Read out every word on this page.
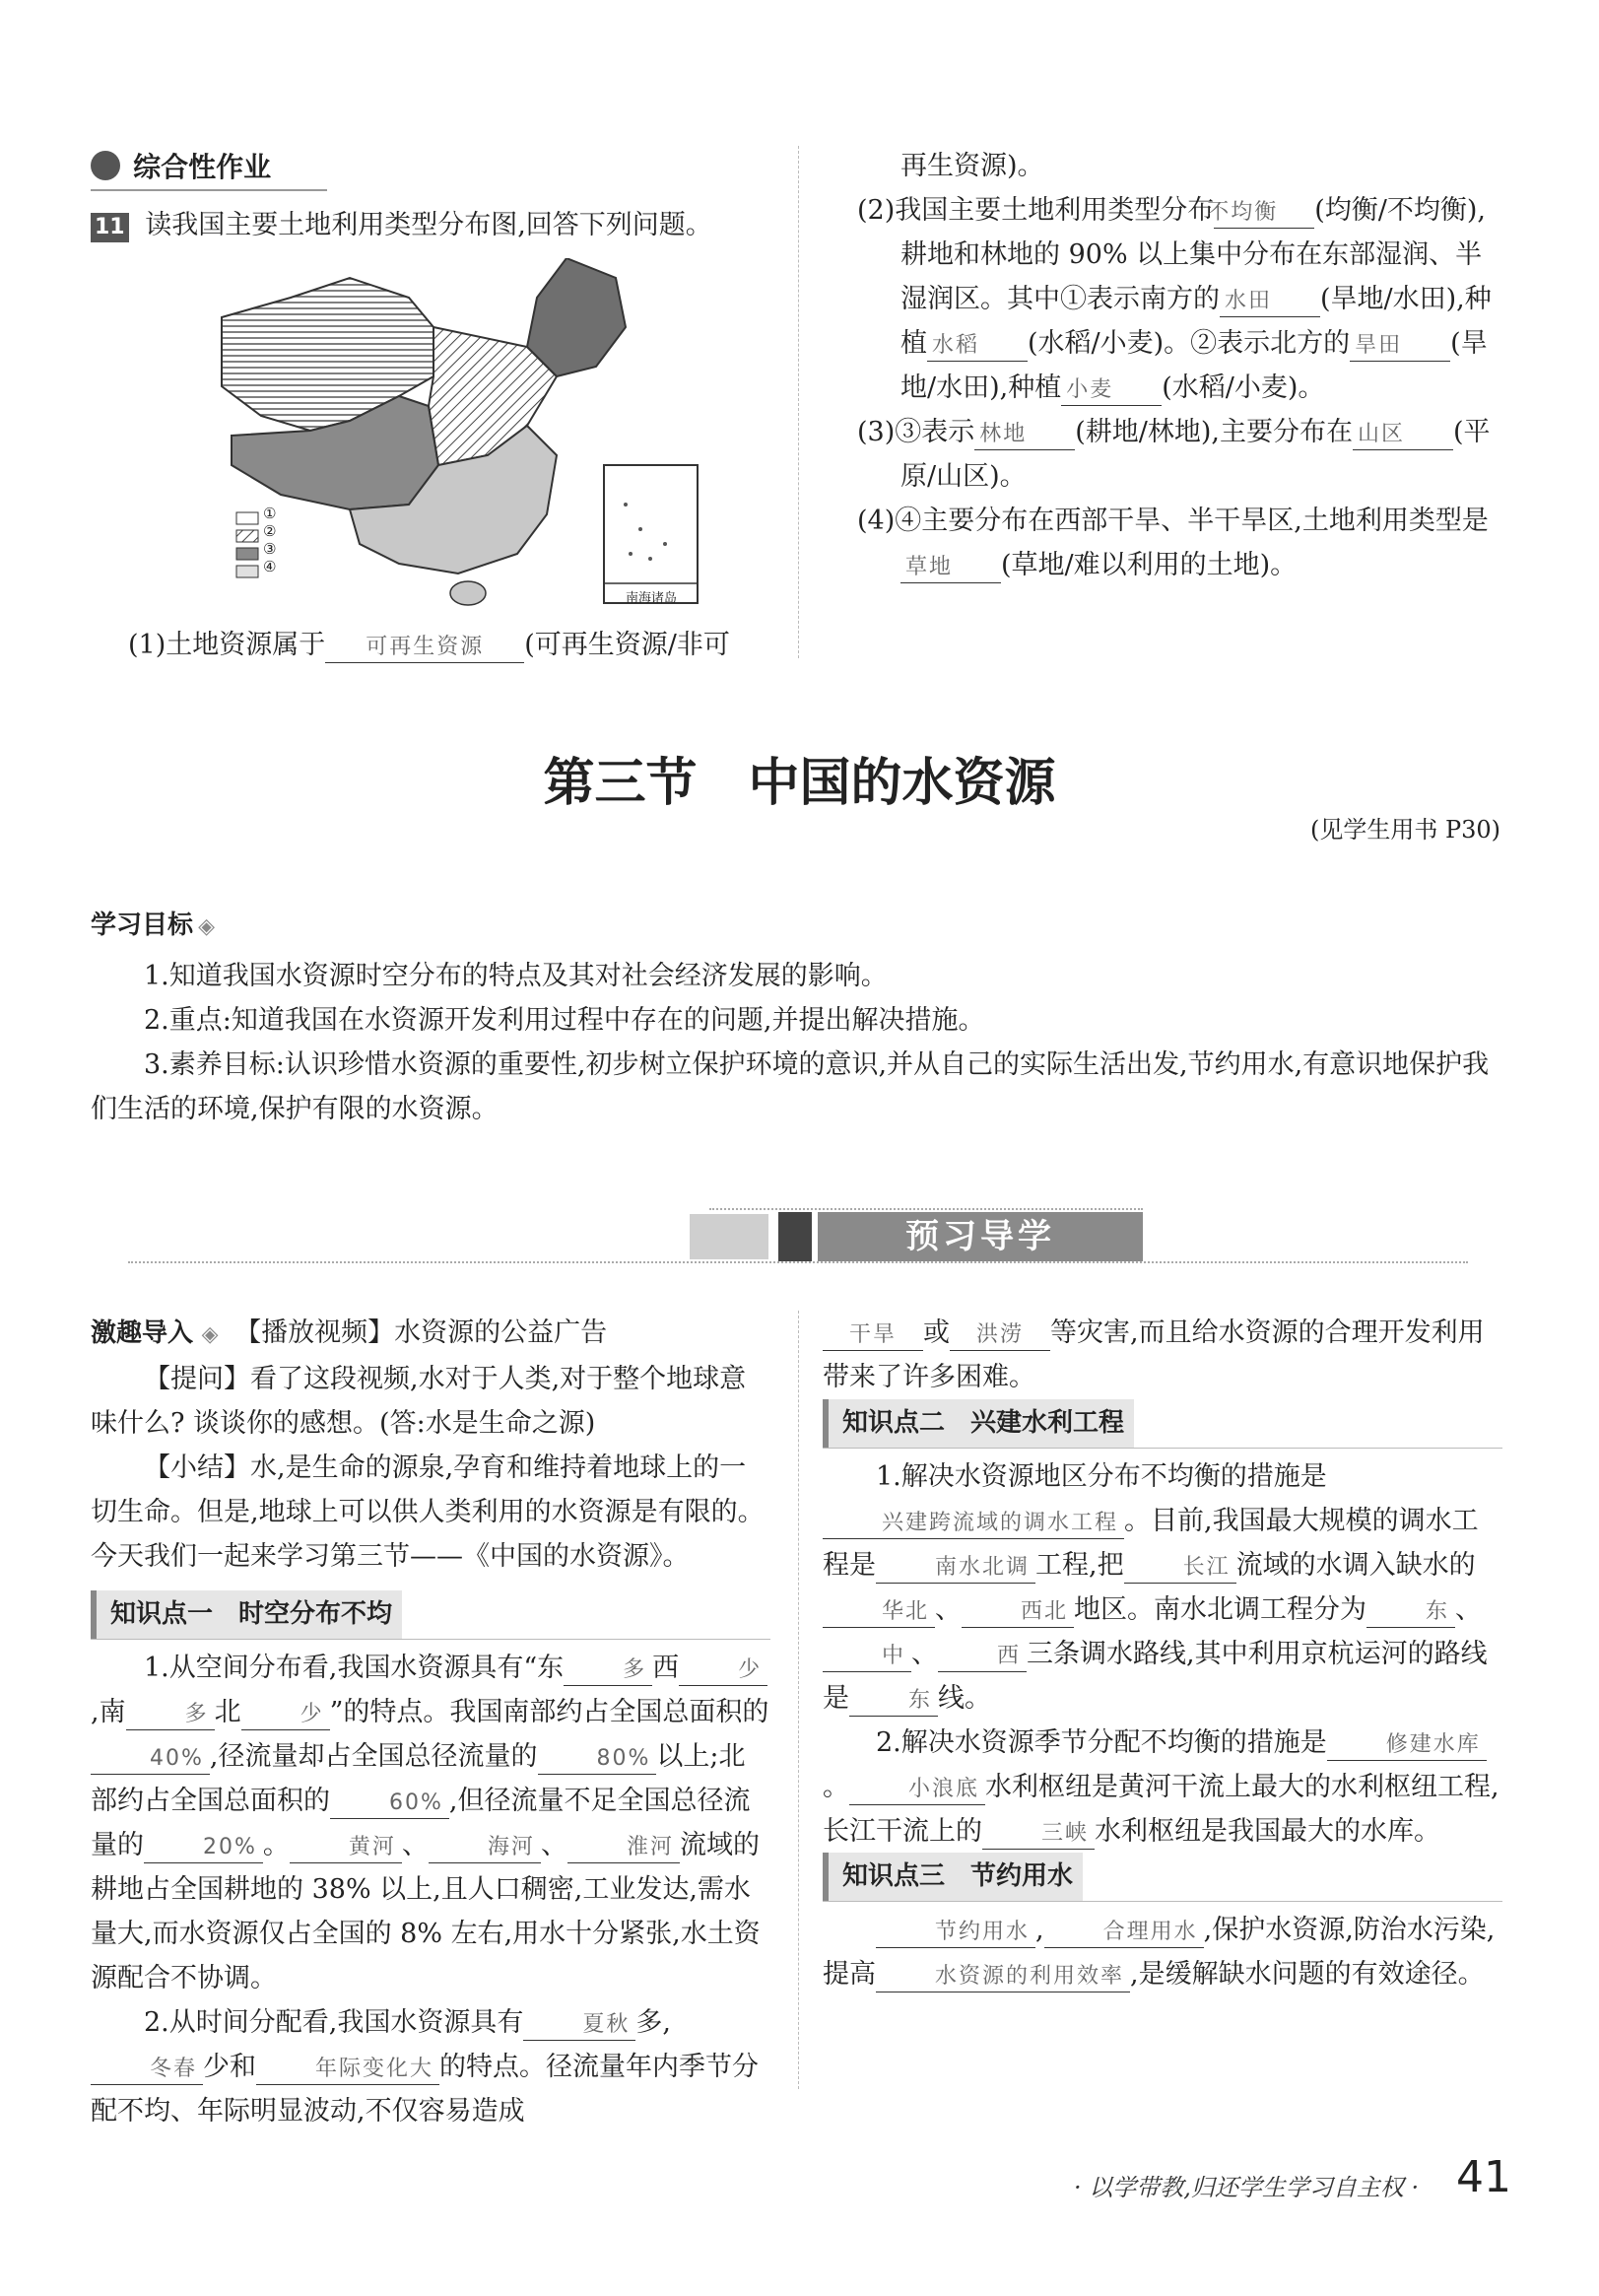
综合性作业
11 读我国主要土地利用类型分布图,回答下列问题。
①
②
③
④
南海诸岛
(1)土地资源属于 可再生资源 (可再生资源/非可
再生资源)。
(2)我国主要土地利用类型分布不均衡 (均衡/不均衡),耕地和林地的 90% 以上集中分布在东部湿润、半湿润区。其中①表示南方的 水田 (旱地/水田),种植 水稻 (水稻/小麦)。②表示北方的 旱田 (旱地/水田),种植 小麦 (水稻/小麦)。
(3)③表示 林地 (耕地/林地),主要分布在 山区 (平原/山区)。
(4)④主要分布在西部干旱、半干旱区,土地利用类型是草地 (草地/难以利用的土地)。
第三节　中国的水资源
(见学生用书 P30)
学习目标 ◈
1.知道我国水资源时空分布的特点及其对社会经济发展的影响。
2.重点:知道我国在水资源开发利用过程中存在的问题,并提出解决措施。
3.素养目标:认识珍惜水资源的重要性,初步树立保护环境的意识,并从自己的实际生活出发,节约用水,有意识地保护我们生活的环境,保护有限的水资源。
预习导学
激趣导入 ◈ 【播放视频】水资源的公益广告
【提问】看了这段视频,水对于人类,对于整个地球意味什么? 谈谈你的感想。(答:水是生命之源)
【小结】水,是生命的源泉,孕育和维持着地球上的一切生命。但是,地球上可以供人类利用的水资源是有限的。今天我们一起来学习第三节——《中国的水资源》。
知识点一　时空分布不均
1.从空间分布看,我国水资源具有“东	多 西	少,南	多 北	少 ”的特点。我国南部约占全国总面积的40% ,径流量却占全国总径流量的	80% 以上;北部约占全国总面积的	60% ,但径流量不足全国总径流量的	20% 。	黄河 、	海河 、	淮河 流域的耕地占全国耕地的 38% 以上,且人口稠密,工业发达,需水量大,而水资源仅占全国的 8% 左右,用水十分紧张,水土资源配合不协调。
2.从时间分配看,我国水资源具有	夏秋 多,冬春 少和	年际变化大 的特点。径流量年内季节分配不均、年际明显波动,不仅容易造成
干旱 或 洪涝 等灾害,而且给水资源的合理开发利用带来了许多困难。
知识点二　兴建水利工程
1.解决水资源地区分布不均衡的措施是兴建跨流域的调水工程 。目前,我国最大规模的调水工程是	南水北调 工程,把	长江 流域的水调入缺水的华北 、	西北 地区。南水北调工程分为	东 、中 、	西 三条调水路线,其中利用京杭运河的路线是	东 线。
2.解决水资源季节分配不均衡的措施是	修建水库。	小浪底 水利枢纽是黄河干流上最大的水利枢纽工程,长江干流上的	三峡 水利枢纽是我国最大的水库。
知识点三　节约用水
节约用水 ,	合理用水 ,保护水资源,防治水污染,提高	水资源的利用效率 ,是缓解缺水问题的有效途径。
· 以学带教,归还学生学习自主权 · 41
